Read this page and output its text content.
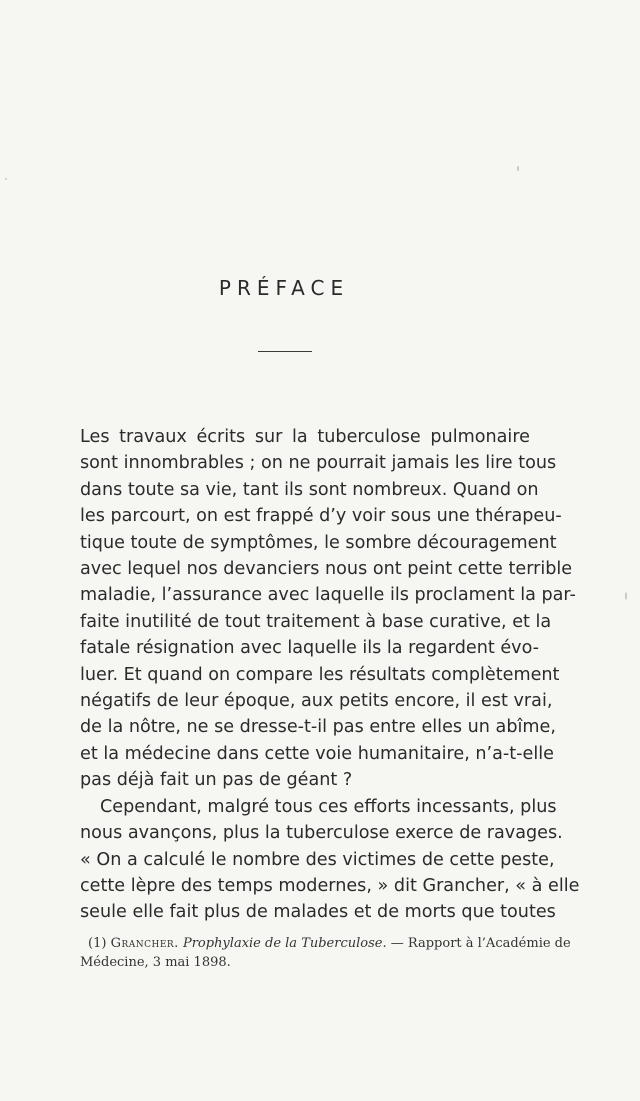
PRÉFACE
Les travaux écrits sur la tuberculose pulmonaire
sont innombrables ; on ne pourrait jamais les lire tous
dans toute sa vie, tant ils sont nombreux. Quand on
les parcourt, on est frappé d’y voir sous une thérapeu-
tique toute de symptômes, le sombre découragement
avec lequel nos devanciers nous ont peint cette terrible
maladie, l’assurance avec laquelle ils proclament la par-
faite inutilité de tout traitement à base curative, et la
fatale résignation avec laquelle ils la regardent évo-
luer. Et quand on compare les résultats complètement
négatifs de leur époque, aux petits encore, il est vrai,
de la nôtre, ne se dresse-t-il pas entre elles un abîme,
et la médecine dans cette voie humanitaire, n’a-t-elle
pas déjà fait un pas de géant ?
Cependant, malgré tous ces efforts incessants, plus
nous avançons, plus la tuberculose exerce de ravages.
« On a calculé le nombre des victimes de cette peste,
cette lèpre des temps modernes, » dit Grancher, « à elle
seule elle fait plus de malades et de morts que toutes
(1) Grancher. Prophylaxie de la Tuberculose. — Rapport à l’Académie de
Médecine, 3 mai 1898.
